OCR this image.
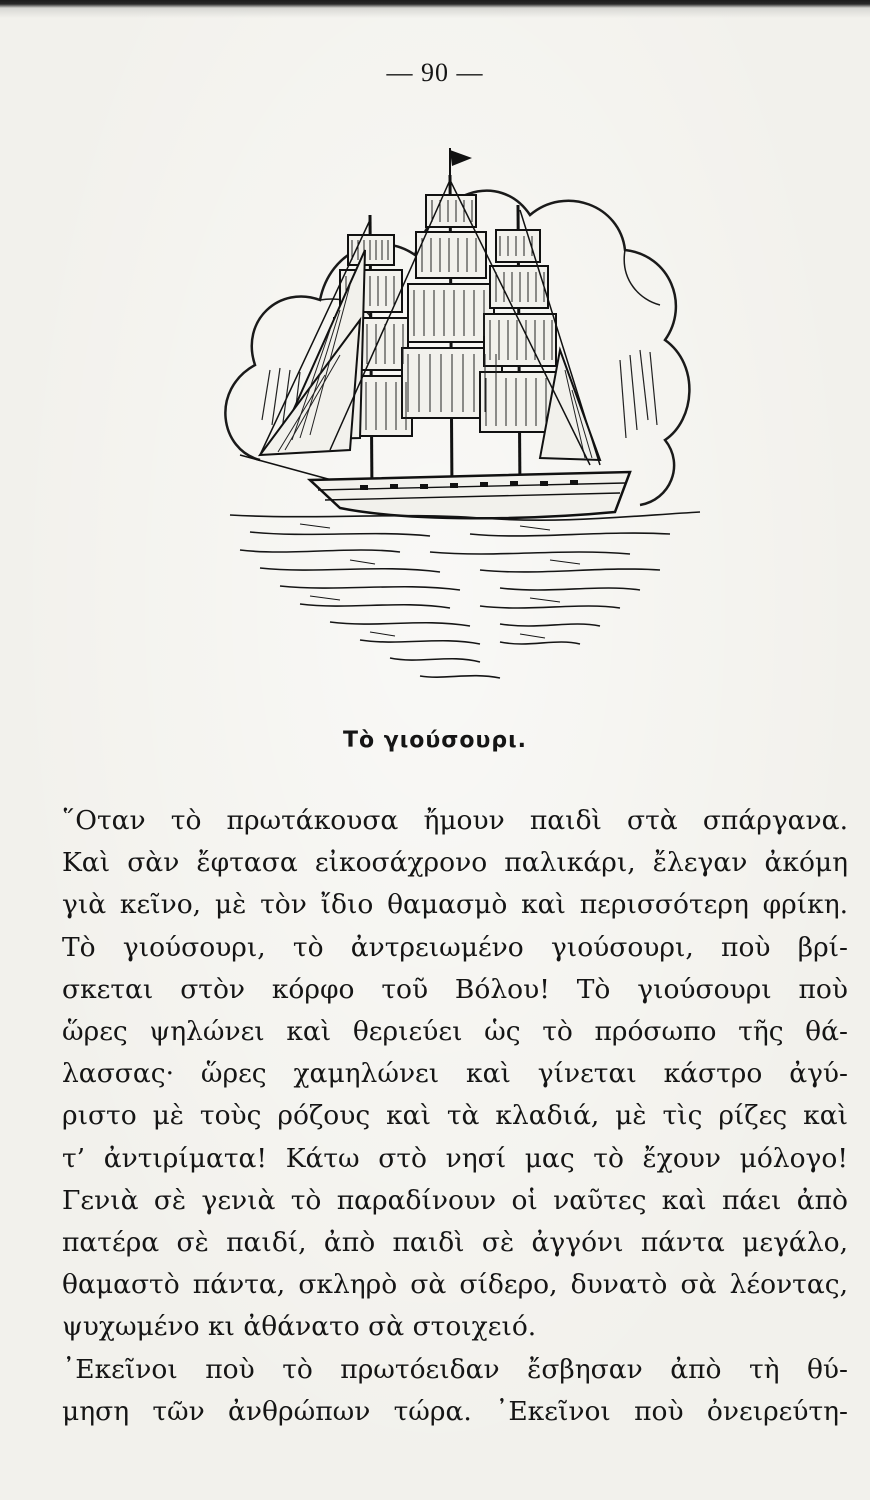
— 90 —
Τὸ γιούσουρι.
῞Οταν τὸ πρωτάκουσα ἤμουν παιδὶ στὰ σπάργανα.
Καὶ σὰν ἔφτασα εἰκοσάχρονο παλικάρι, ἔλεγαν ἀκόμη
γιὰ κεῖνο, μὲ τὸν ἴδιο θαμασμὸ καὶ περισσότερη φρίκη.
Τὸ γιούσουρι, τὸ ἀντρειωμένο γιούσουρι, ποὺ βρί-
σκεται στὸν κόρφο τοῦ Βόλου! Τὸ γιούσουρι ποὺ
ὥρες ψηλώνει καὶ θεριεύει ὡς τὸ πρόσωπο τῆς θά-
λασσας· ὥρες χαμηλώνει καὶ γίνεται κάστρο ἀγύ-
ριστο μὲ τοὺς ρόζους καὶ τὰ κλαδιά, μὲ τὶς ρίζες καὶ
τ’ ἀντιρίματα! Κάτω στὸ νησί μας τὸ ἔχουν μόλογο!
Γενιὰ σὲ γενιὰ τὸ παραδίνουν οἱ ναῦτες καὶ πάει ἀπὸ
πατέρα σὲ παιδί, ἀπὸ παιδὶ σὲ ἀγγόνι πάντα μεγάλο,
θαμαστὸ πάντα, σκληρὸ σὰ σίδερο, δυνατὸ σὰ λέοντας,
ψυχωμένο κι ἀθάνατο σὰ στοιχειό.
᾿Εκεῖνοι ποὺ τὸ πρωτόειδαν ἔσβησαν ἀπὸ τὴ θύ-
μηση τῶν ἀνθρώπων τώρα. ᾿Εκεῖνοι ποὺ ὀνειρεύτη-
